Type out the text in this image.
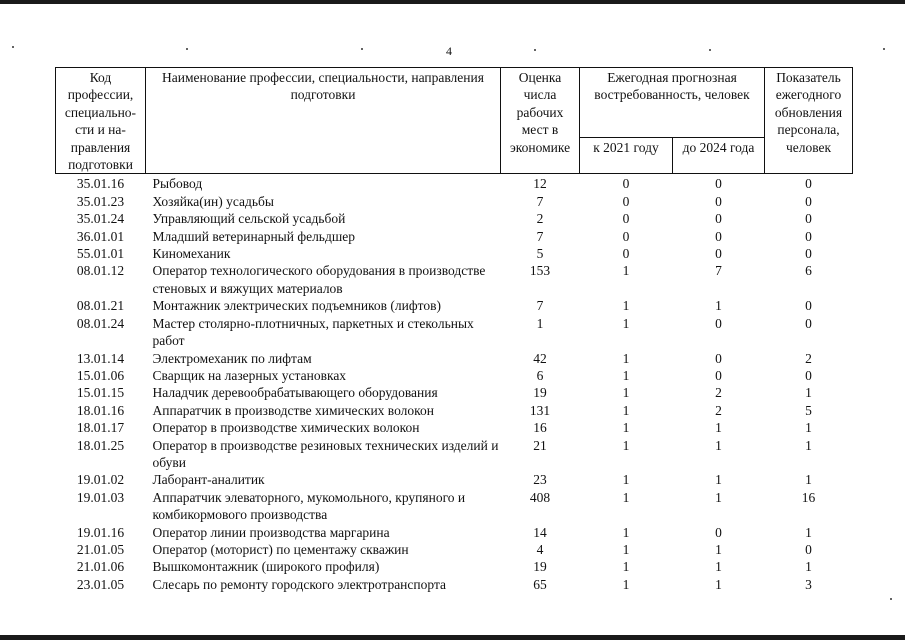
4
Код профессии, специально-сти и на-правления подготовки	Наименование профессии, специальности, направления подготовки	Оценка числа рабочих мест в экономике	Ежегодная прогнозная востребованность, человек		Показатель ежегодного обновления персонала, человек
			к 2021 году	до 2024 года	
35.01.16	Рыбовод	12	0	0	0
35.01.23	Хозяйка(ин) усадьбы	7	0	0	0
35.01.24	Управляющий сельской усадьбой	2	0	0	0
36.01.01	Младший ветеринарный фельдшер	7	0	0	0
55.01.01	Киномеханик	5	0	0	0
08.01.12	Оператор технологического оборудования в производстве стеновых и вяжущих материалов	153	1	7	6
08.01.21	Монтажник электрических подъемников (лифтов)	7	1	1	0
08.01.24	Мастер столярно-плотничных, паркетных и стекольных работ	1	1	0	0
13.01.14	Электромеханик по лифтам	42	1	0	2
15.01.06	Сварщик на лазерных установках	6	1	0	0
15.01.15	Наладчик деревообрабатывающего оборудования	19	1	2	1
18.01.16	Аппаратчик в производстве химических волокон	131	1	2	5
18.01.17	Оператор в производстве химических волокон	16	1	1	1
18.01.25	Оператор в производстве резиновых технических изделий и обуви	21	1	1	1
19.01.02	Лаборант-аналитик	23	1	1	1
19.01.03	Аппаратчик элеваторного, мукомольного, крупяного и комбикормового производства	408	1	1	16
19.01.16	Оператор линии производства маргарина	14	1	0	1
21.01.05	Оператор (моторист) по цементажу скважин	4	1	1	0
21.01.06	Вышкомонтажник (широкого профиля)	19	1	1	1
23.01.05	Слесарь по ремонту городского электротранспорта	65	1	1	3
